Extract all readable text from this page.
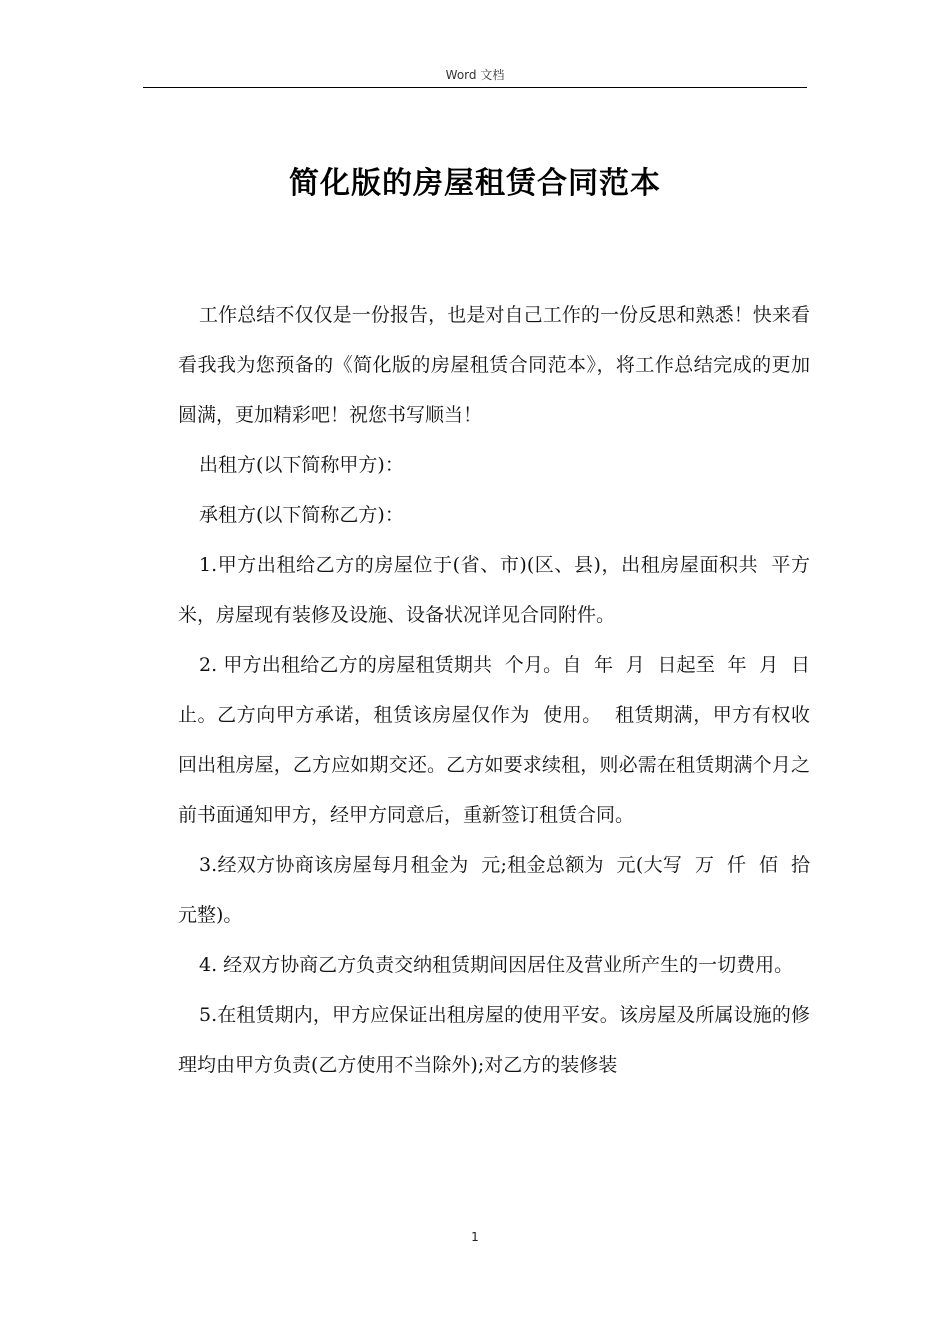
Word 文档
简化版的房屋租赁合同范本

工作总结不仅仅是一份报告，也是对自己工作的一份反思和熟悉！快来看看我我为您预备的《简化版的房屋租赁合同范本》，将工作总结完成的更加圆满，更加精彩吧！祝您书写顺当！

出租方(以下简称甲方)：

承租方(以下简称乙方)：

1.甲方出租给乙方的房屋位于(省、市)(区、县)，出租房屋面积共  平方米，房屋现有装修及设施、设备状况详见合同附件。

2. 甲方出租给乙方的房屋租赁期共  个月。自  年  月  日起至  年  月  日止。乙方向甲方承诺，租赁该房屋仅作为  使用。  租赁期满，甲方有权收回出租房屋，乙方应如期交还。乙方如要求续租，则必需在租赁期满个月之前书面通知甲方，经甲方同意后，重新签订租赁合同。

3.经双方协商该房屋每月租金为  元;租金总额为  元(大写  万  仟  佰  拾  元整)。

4. 经双方协商乙方负责交纳租赁期间因居住及营业所产生的一切费用。

5.在租赁期内，甲方应保证出租房屋的使用平安。该房屋及所属设施的修理均由甲方负责(乙方使用不当除外);对乙方的装修装

1
